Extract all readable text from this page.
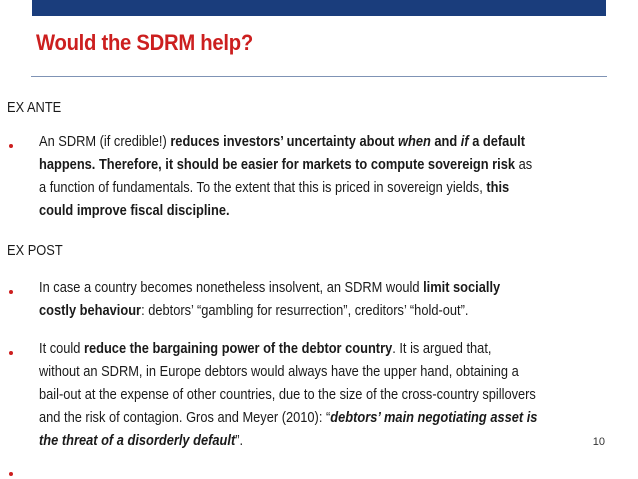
Would the SDRM help?
EX ANTE
An SDRM (if credible!) reduces investors’ uncertainty about when and if a default
happens. Therefore, it should be easier for markets to compute sovereign risk as
a function of fundamentals. To the extent that this is priced in sovereign yields, this
could improve fiscal discipline.
EX POST
In case a country becomes nonetheless insolvent, an SDRM would limit socially
costly behaviour: debtors’ “gambling for resurrection”, creditors’ “hold-out”.
It could reduce the bargaining power of the debtor country. It is argued that,
without an SDRM, in Europe debtors would always have the upper hand, obtaining a
bail-out at the expense of other countries, due to the size of the cross-country spillovers
and the risk of contagion. Gros and Meyer (2010): “debtors’ main negotiating asset is
the threat of a disorderly default”.	10
